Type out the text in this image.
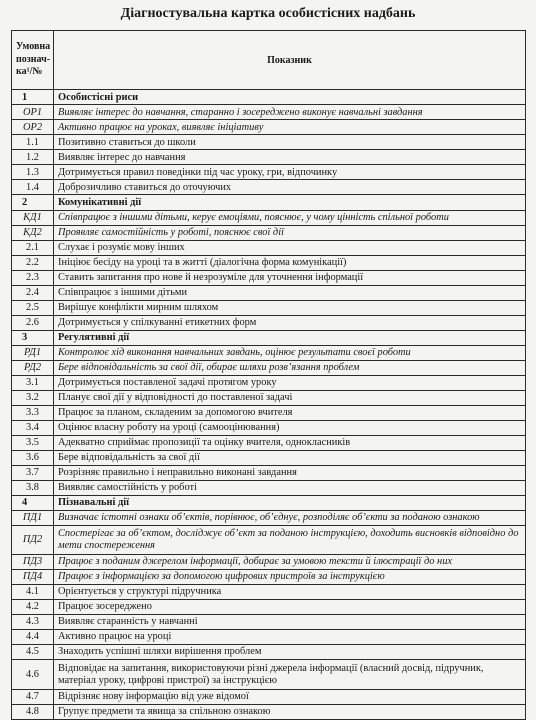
Діагностувальна картка особистісних надбань
Умовна познач-ка¹/№	Показник
1	Особистісні риси
ОР1	Виявляє інтерес до навчання, старанно і зосереджено виконує навчальні завдання
ОР2	Активно працює на уроках, виявляє ініціативу
1.1	Позитивно ставиться до школи
1.2	Виявляє інтерес до навчання
1.3	Дотримується правил поведінки під час уроку, гри, відпочинку
1.4	Доброзичливо ставиться до оточуючих
2	Комунікативні дії
КД1	Співпрацює з іншими дітьми, керує емоціями, пояснює, у чому цінність спільної роботи
КД2	Проявляє самостійність у роботі, пояснює свої дії
2.1	Слухає і розуміє мову інших
2.2	Ініціює бесіду на уроці та в житті (діалогічна форма комунікації)
2.3	Ставить запитання про нове й незрозуміле для уточнення інформації
2.4	Співпрацює з іншими дітьми
2.5	Вирішує конфлікти мирним шляхом
2.6	Дотримується у спілкуванні етикетних форм
3	Регулятивні дії
РД1	Контролює хід виконання навчальних завдань, оцінює результати своєї роботи
РД2	Бере відповідальність за свої дії, обирає шляхи розв’язання проблем
3.1	Дотримується поставленої задачі протягом уроку
3.2	Планує свої дії у відповідності до поставленої задачі
3.3	Працює за планом, складеним за допомогою вчителя
3.4	Оцінює власну роботу на уроці (самооцінювання)
3.5	Адекватно сприймає пропозиції та оцінку вчителя, однокласників
3.6	Бере відповідальність за свої дії
3.7	Розрізняє правильно і неправильно виконані завдання
3.8	Виявляє самостійність у роботі
4	Пізнавальні дії
ПД1	Визначає істотні ознаки об’єктів, порівнює, об’єднує, розподіляє об’єкти за поданою ознакою
ПД2	Спостерігає за об’єктом, досліджує об’єкт за поданою інструкцією, доходить висновків відповідно до мети спостереження
ПД3	Працює з поданим джерелом інформації, добирає за умовою тексти й ілюстрації до них
ПД4	Працює з інформацією за допомогою цифрових пристроїв за інструкцією
4.1	Орієнтується у структурі підручника
4.2	Працює зосереджено
4.3	Виявляє старанність у навчанні
4.4	Активно працює на уроці
4.5	Знаходить успішні шляхи вирішення проблем
4.6	Відповідає на запитання, використовуючи різні джерела інформації (власний досвід, підручник, матеріал уроку, цифрові пристрої) за інструкцією
4.7	Відрізняє нову інформацію від уже відомої
4.8	Групує предмети та явища за спільною ознакою
